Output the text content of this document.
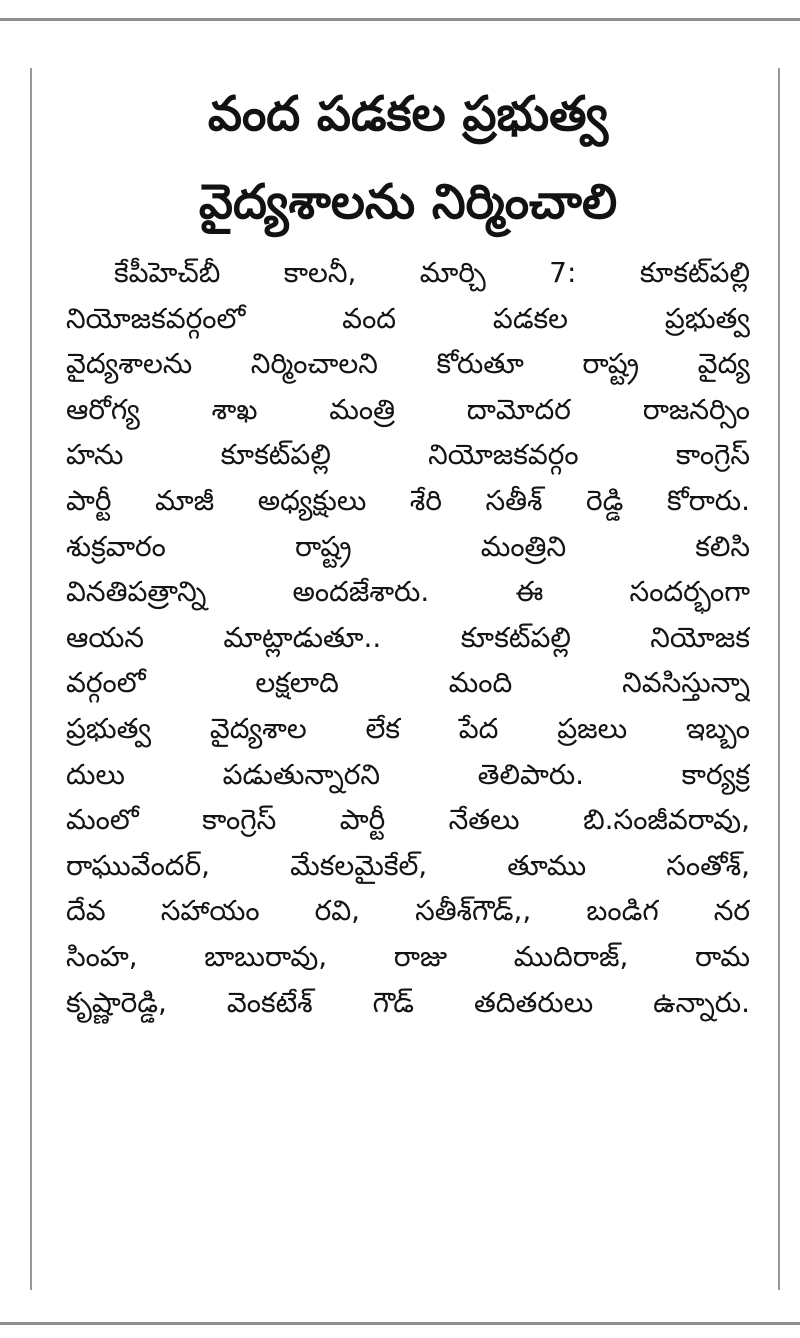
వంద పడకల ప్రభుత్వ
వైద్యశాలను నిర్మించాలి
కేపీహెచ్‌బీ కాలనీ, మార్చి 7: కూకట్‌పల్లి
నియోజకవర్గంలో వంద పడకల ప్రభుత్వ
వైద్యశాలను నిర్మించాలని కోరుతూ రాష్ట్ర వైద్య
ఆరోగ్య శాఖ మంత్రి దామోదర రాజనర్సిం
హను కూకట్‌పల్లి నియోజకవర్గం కాంగ్రెస్
పార్టీ మాజీ అధ్యక్షులు శేరి సతీశ్ రెడ్డి కోరారు.
శుక్రవారం రాష్ట్ర మంత్రిని కలిసి
వినతిపత్రాన్ని అందజేశారు. ఈ సందర్భంగా
ఆయన మాట్లాడుతూ.. కూకట్‌పల్లి నియోజక
వర్గంలో లక్షలాది మంది నివసిస్తున్నా
ప్రభుత్వ వైద్యశాల లేక పేద ప్రజలు ఇబ్బం
దులు పడుతున్నారని తెలిపారు. కార్యక్ర
మంలో కాంగ్రెస్ పార్టీ నేతలు బి.సంజీవరావు,
రాఘువేందర్, మేకలమైకేల్, తూము సంతోశ్,
దేవ సహాయం రవి, సతీశ్‌గౌడ్,, బండిగ నర
సింహ, బాబురావు, రాజు ముదిరాజ్, రామ
కృష్ణారెడ్డి, వెంకటేశ్ గౌడ్ తదితరులు ఉన్నారు.
